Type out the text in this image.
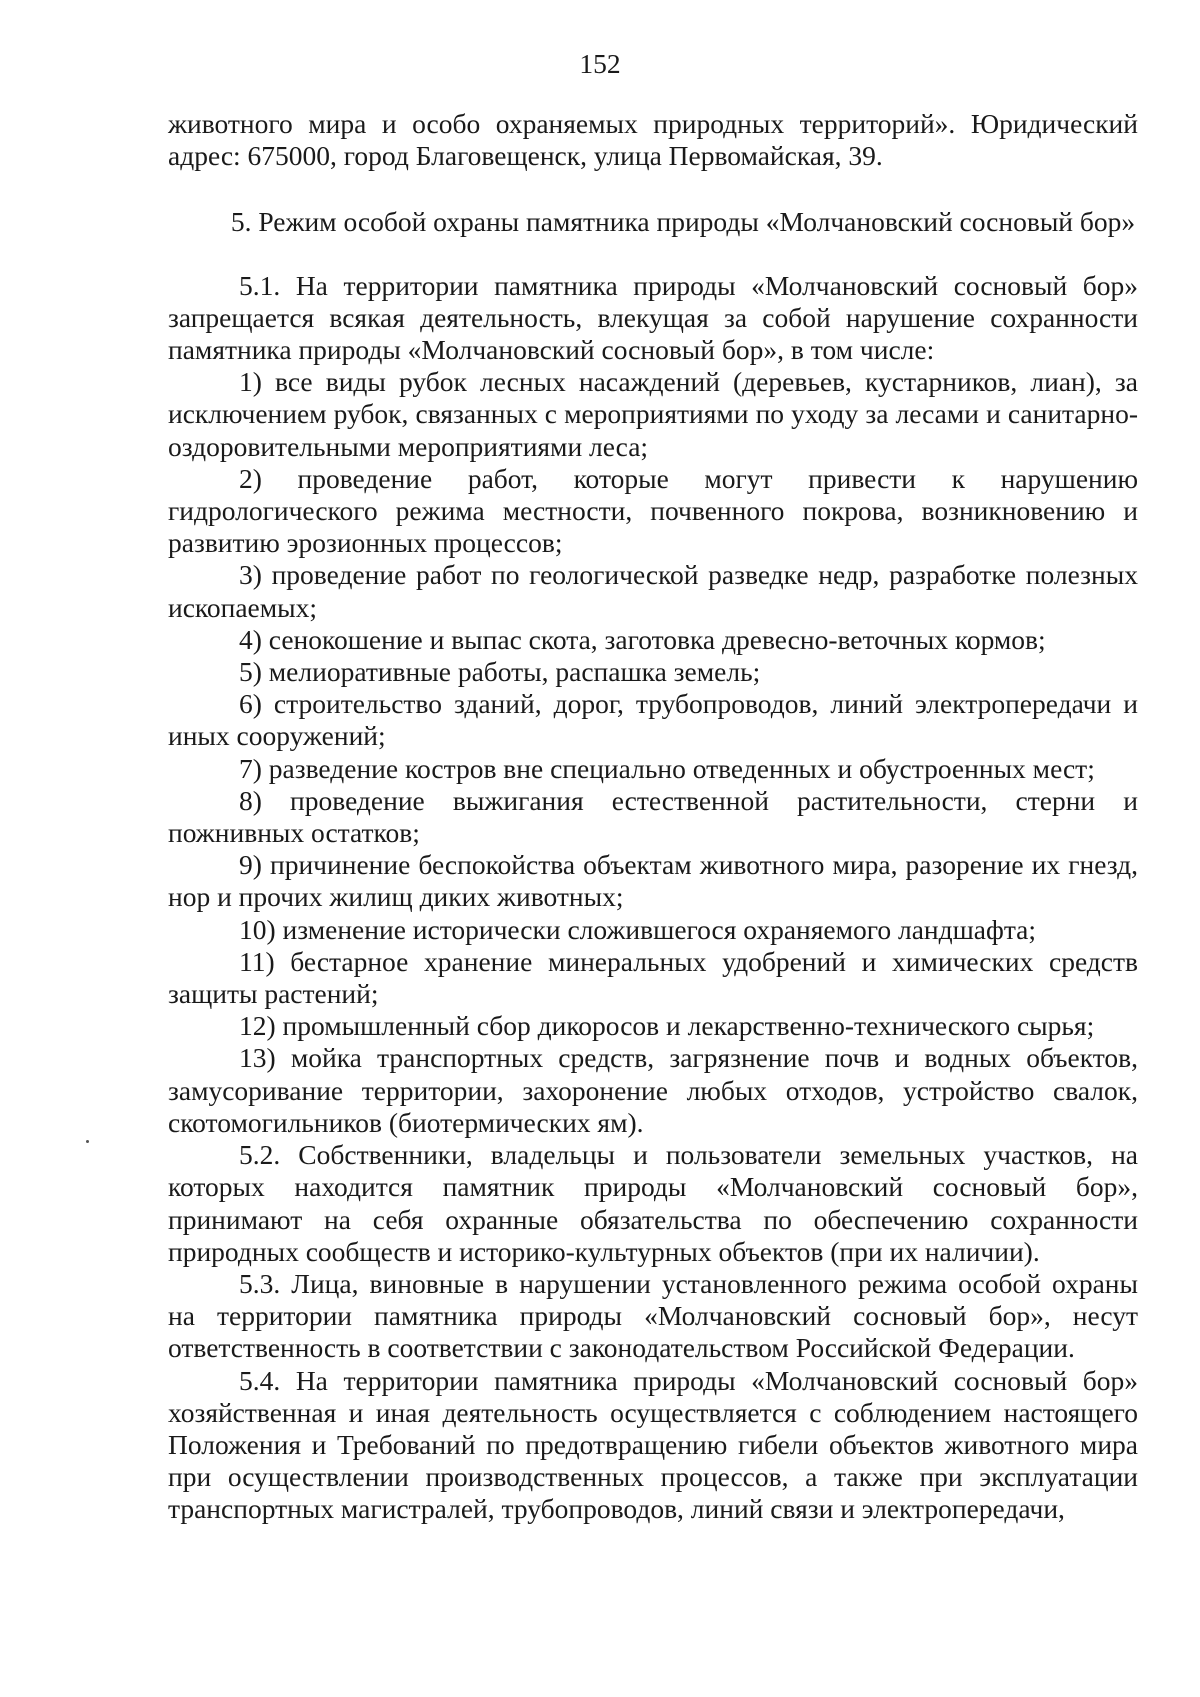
152

животного мира и особо охраняемых природных территорий». Юридический адрес: 675000, город Благовещенск, улица Первомайская, 39.

5. Режим особой охраны памятника природы «Молчановский сосновый бор»

5.1. На территории памятника природы «Молчановский сосновый бор» запрещается всякая деятельность, влекущая за собой нарушение сохранности памятника природы «Молчановский сосновый бор», в том числе:

1) все виды рубок лесных насаждений (деревьев, кустарников, лиан), за исключением рубок, связанных с мероприятиями по уходу за лесами и санитарно-оздоровительными мероприятиями леса;

2) проведение работ, которые могут привести к нарушению гидрологического режима местности, почвенного покрова, возникновению и развитию эрозионных процессов;

3) проведение работ по геологической разведке недр, разработке полезных ископаемых;

4) сенокошение и выпас скота, заготовка древесно-веточных кормов;

5) мелиоративные работы, распашка земель;

6) строительство зданий, дорог, трубопроводов, линий электропередачи и иных сооружений;

7) разведение костров вне специально отведенных и обустроенных мест;

8) проведение выжигания естественной растительности, стерни и пожнивных остатков;

9) причинение беспокойства объектам животного мира, разорение их гнезд, нор и прочих жилищ диких животных;

10) изменение исторически сложившегося охраняемого ландшафта;

11) бестарное хранение минеральных удобрений и химических средств защиты растений;

12) промышленный сбор дикоросов и лекарственно-технического сырья;

13) мойка транспортных средств, загрязнение почв и водных объектов, замусоривание территории, захоронение любых отходов, устройство свалок, скотомогильников (биотермических ям).

5.2. Собственники, владельцы и пользователи земельных участков, на которых находится памятник природы «Молчановский сосновый бор», принимают на себя охранные обязательства по обеспечению сохранности природных сообществ и историко-культурных объектов (при их наличии).

5.3. Лица, виновные в нарушении установленного режима особой охраны на территории памятника природы «Молчановский сосновый бор», несут ответственность в соответствии с законодательством Российской Федерации.

5.4. На территории памятника природы «Молчановский сосновый бор» хозяйственная и иная деятельность осуществляется с соблюдением настоящего Положения и Требований по предотвращению гибели объектов животного мира при осуществлении производственных процессов, а также при эксплуатации транспортных магистралей, трубопроводов, линий связи и электропередачи,
